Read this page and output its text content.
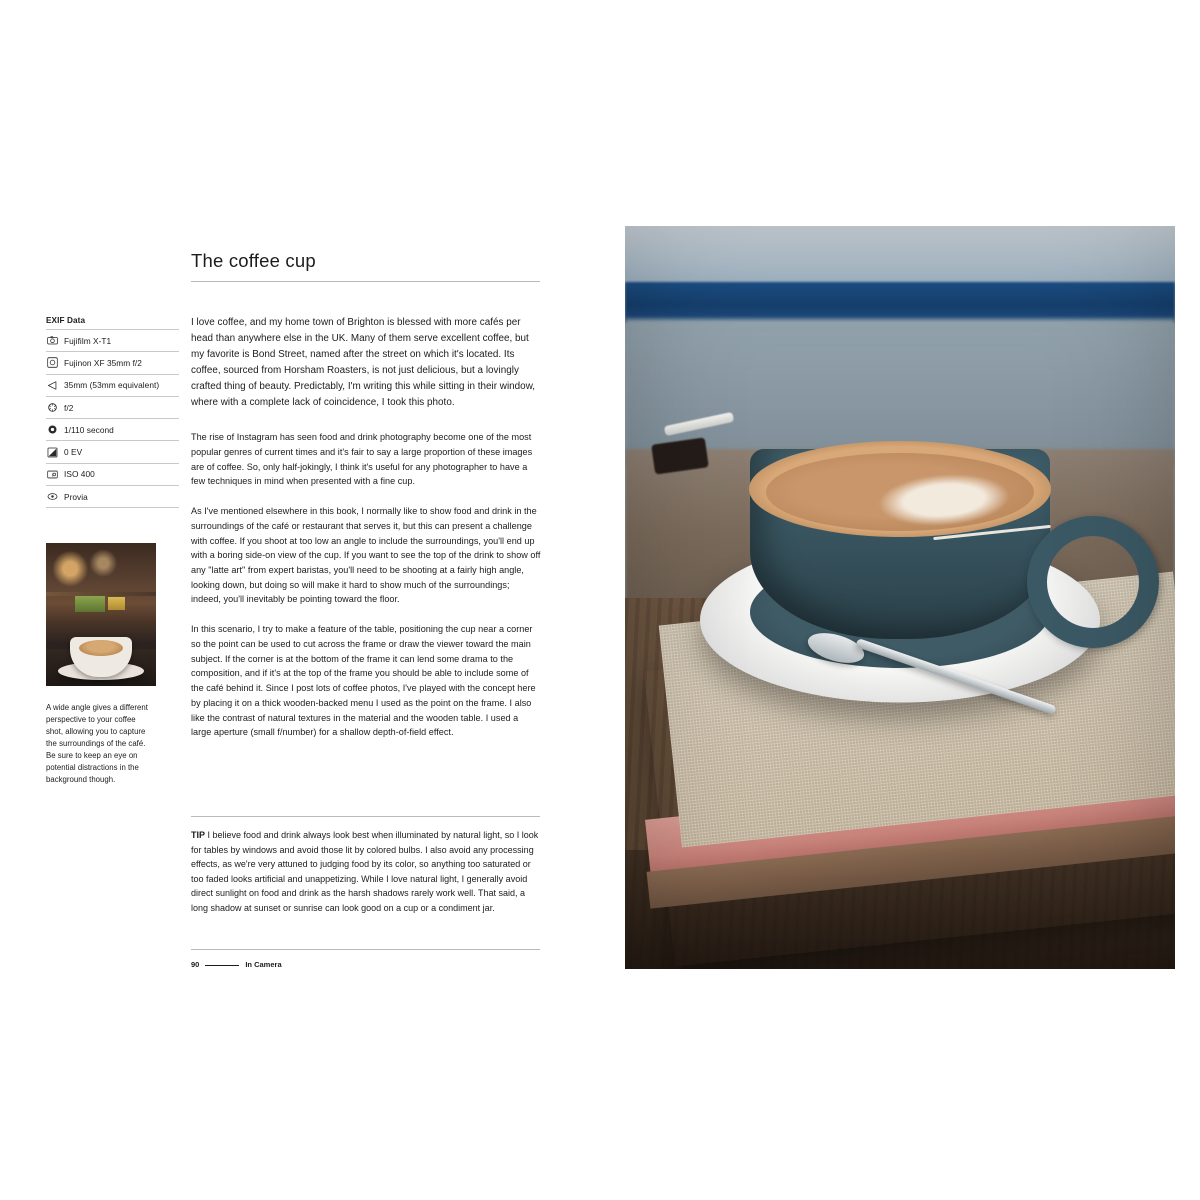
The coffee cup
EXIF Data
Fujifilm X-T1
Fujinon XF 35mm f/2
35mm (53mm equivalent)
f/2
1/110 second
0 EV
I ISO 400
Provia
A wide angle gives a different perspective to your coffee shot, allowing you to capture the surroundings of the café. Be sure to keep an eye on potential distractions in the background though.

I love coffee, and my home town of Brighton is blessed with more cafés per head than anywhere else in the UK. Many of them serve excellent coffee, but my favorite is Bond Street, named after the street on which it's located. Its coffee, sourced from Horsham Roasters, is not just delicious, but a lovingly crafted thing of beauty. Predictably, I'm writing this while sitting in their window, where with a complete lack of coincidence, I took this photo.

The rise of Instagram has seen food and drink photography become one of the most popular genres of current times and it's fair to say a large proportion of these images are of coffee. So, only half-jokingly, I think it's useful for any photographer to have a few techniques in mind when presented with a fine cup.

As I've mentioned elsewhere in this book, I normally like to show food and drink in the surroundings of the café or restaurant that serves it, but this can present a challenge with coffee. If you shoot at too low an angle to include the surroundings, you'll end up with a boring side-on view of the cup. If you want to see the top of the drink to show off any "latte art" from expert baristas, you'll need to be shooting at a fairly high angle, looking down, but doing so will make it hard to show much of the surroundings; indeed, you'll inevitably be pointing toward the floor.

In this scenario, I try to make a feature of the table, positioning the cup near a corner so the point can be used to cut across the frame or draw the viewer toward the main subject. If the corner is at the bottom of the frame it can lend some drama to the composition, and if it's at the top of the frame you should be able to include some of the café behind it. Since I post lots of coffee photos, I've played with the concept here by placing it on a thick wooden-backed menu I used as the point on the frame. I also like the contrast of natural textures in the material and the wooden table. I used a large aperture (small f/number) for a shallow depth-of-field effect.

TIP I believe food and drink always look best when illuminated by natural light, so I look for tables by windows and avoid those lit by colored bulbs. I also avoid any processing effects, as we're very attuned to judging food by its color, so anything too saturated or too faded looks artificial and unappetizing. While I love natural light, I generally avoid direct sunlight on food and drink as the harsh shadows rarely work well. That said, a long shadow at sunset or sunrise can look good on a cup or a condiment jar.
90	In Camera
